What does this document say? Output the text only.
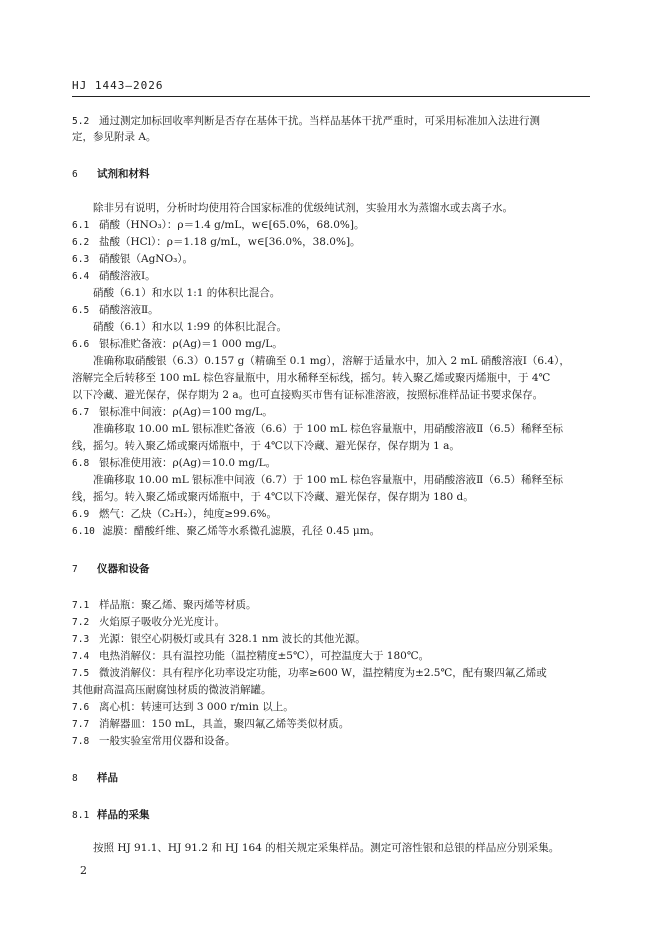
HJ 1443—2026
5.2 通过测定加标回收率判断是否存在基体干扰。当样品基体干扰严重时，可采用标准加入法进行测
定，参见附录 A。
6 试剂和材料
除非另有说明，分析时均使用符合国家标准的优级纯试剂，实验用水为蒸馏水或去离子水。
6.1 硝酸（HNO₃）：ρ＝1.4 g/mL，w∈[65.0%，68.0%]。
6.2 盐酸（HCl）：ρ＝1.18 g/mL，w∈[36.0%，38.0%]。
6.3 硝酸银（AgNO₃）。
6.4 硝酸溶液Ⅰ。
硝酸（6.1）和水以 1:1 的体积比混合。
6.5 硝酸溶液Ⅱ。
硝酸（6.1）和水以 1:99 的体积比混合。
6.6 银标准贮备液：ρ(Ag)＝1 000 mg/L。
准确称取硝酸银（6.3）0.157 g（精确至 0.1 mg），溶解于适量水中，加入 2 mL 硝酸溶液Ⅰ（6.4），
溶解完全后转移至 100 mL 棕色容量瓶中，用水稀释至标线，摇匀。转入聚乙烯或聚丙烯瓶中，于 4℃
以下冷藏、避光保存，保存期为 2 a。也可直接购买市售有证标准溶液，按照标准样品证书要求保存。
6.7 银标准中间液：ρ(Ag)＝100 mg/L。
准确移取 10.00 mL 银标准贮备液（6.6）于 100 mL 棕色容量瓶中，用硝酸溶液Ⅱ（6.5）稀释至标
线，摇匀。转入聚乙烯或聚丙烯瓶中，于 4℃以下冷藏、避光保存，保存期为 1 a。
6.8 银标准使用液：ρ(Ag)＝10.0 mg/L。
准确移取 10.00 mL 银标准中间液（6.7）于 100 mL 棕色容量瓶中，用硝酸溶液Ⅱ（6.5）稀释至标
线，摇匀。转入聚乙烯或聚丙烯瓶中，于 4℃以下冷藏、避光保存，保存期为 180 d。
6.9 燃气：乙炔（C₂H₂），纯度≥99.6%。
6.10 滤膜：醋酸纤维、聚乙烯等水系微孔滤膜，孔径 0.45 μm。
7 仪器和设备
7.1 样品瓶：聚乙烯、聚丙烯等材质。
7.2 火焰原子吸收分光光度计。
7.3 光源：银空心阴极灯或具有 328.1 nm 波长的其他光源。
7.4 电热消解仪：具有温控功能（温控精度±5℃），可控温度大于 180℃。
7.5 微波消解仪：具有程序化功率设定功能，功率≥600 W，温控精度为±2.5℃，配有聚四氟乙烯或
其他耐高温高压耐腐蚀材质的微波消解罐。
7.6 离心机：转速可达到 3 000 r/min 以上。
7.7 消解器皿：150 mL，具盖，聚四氟乙烯等类似材质。
7.8 一般实验室常用仪器和设备。
8 样品
8.1 样品的采集
按照 HJ 91.1、HJ 91.2 和 HJ 164 的相关规定采集样品。测定可溶性银和总银的样品应分别采集。
2
